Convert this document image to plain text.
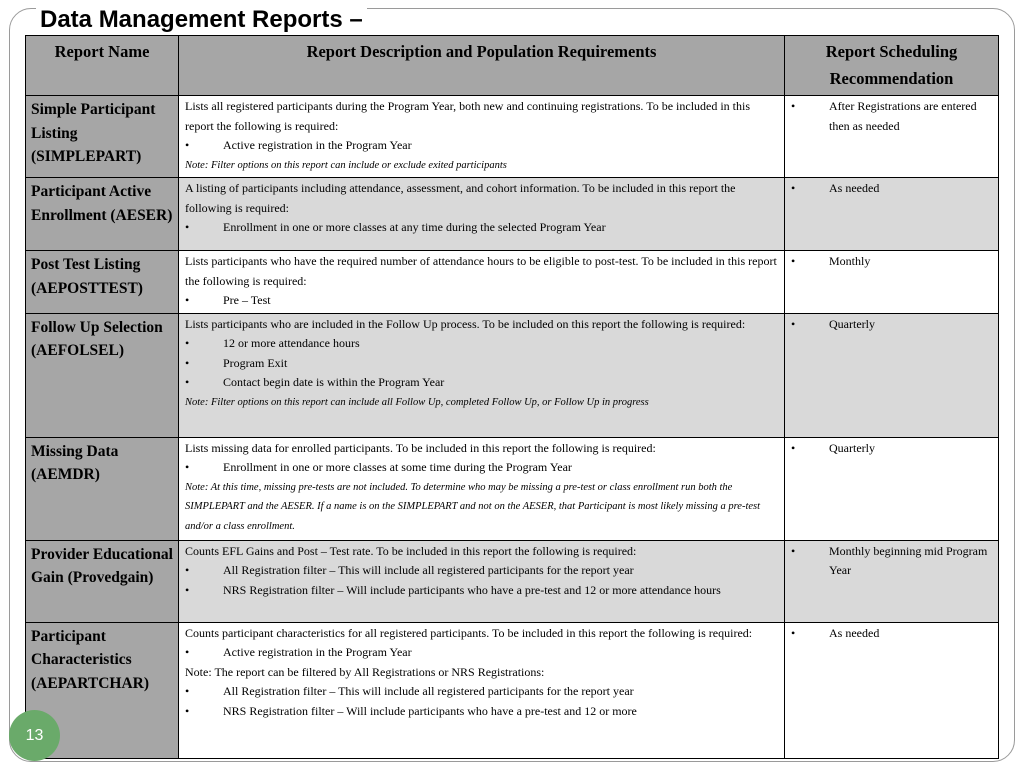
Data Management Reports –
Report Name	Report Description and Population Requirements	Report Scheduling Recommendation
Simple Participant Listing (SIMPLEPART)	Lists all registered participants during the Program Year, both new and continuing registrations. To be included in this report the following is required:
• Active registration in the Program Year
Note: Filter options on this report can include or exclude exited participants	• After Registrations are entered then as needed

Participant Active Enrollment (AESER)	A listing of participants including attendance, assessment, and cohort information. To be included in this report the following is required:
• Enrollment in one or more classes at any time during the selected Program Year	• As needed

Post Test Listing (AEPOSTTEST)	Lists participants who have the required number of attendance hours to be eligible to post-test. To be included in this report the following is required:
• Pre – Test	• Monthly

Follow Up Selection (AEFOLSEL)	Lists participants who are included in the Follow Up process. To be included on this report the following is required:
• 12 or more attendance hours
• Program Exit
• Contact begin date is within the Program Year
Note: Filter options on this report can include all Follow Up, completed Follow Up, or Follow Up in progress	• Quarterly

Missing Data (AEMDR)	Lists missing data for enrolled participants. To be included in this report the following is required:
• Enrollment in one or more classes at some time during the Program Year
Note: At this time, missing pre-tests are not included. To determine who may be missing a pre-test or class enrollment run both the SIMPLEPART and the AESER. If a name is on the SIMPLEPART and not on the AESER, that Participant is most likely missing a pre-test and/or a class enrollment.	• Quarterly

Provider Educational Gain (Provedgain)	Counts EFL Gains and Post – Test rate. To be included in this report the following is required:
• All Registration filter – This will include all registered participants for the report year
• NRS Registration filter – Will include participants who have a pre-test and 12 or more attendance hours	• Monthly beginning mid Program Year

Participant Characteristics (AEPARTCHAR)	Counts participant characteristics for all registered participants. To be included in this report the following is required:
• Active registration in the Program Year
Note: The report can be filtered by All Registrations or NRS Registrations:
• All Registration filter – This will include all registered participants for the report year
• NRS Registration filter – Will include participants who have a pre-test and 12 or more	• As needed
13
